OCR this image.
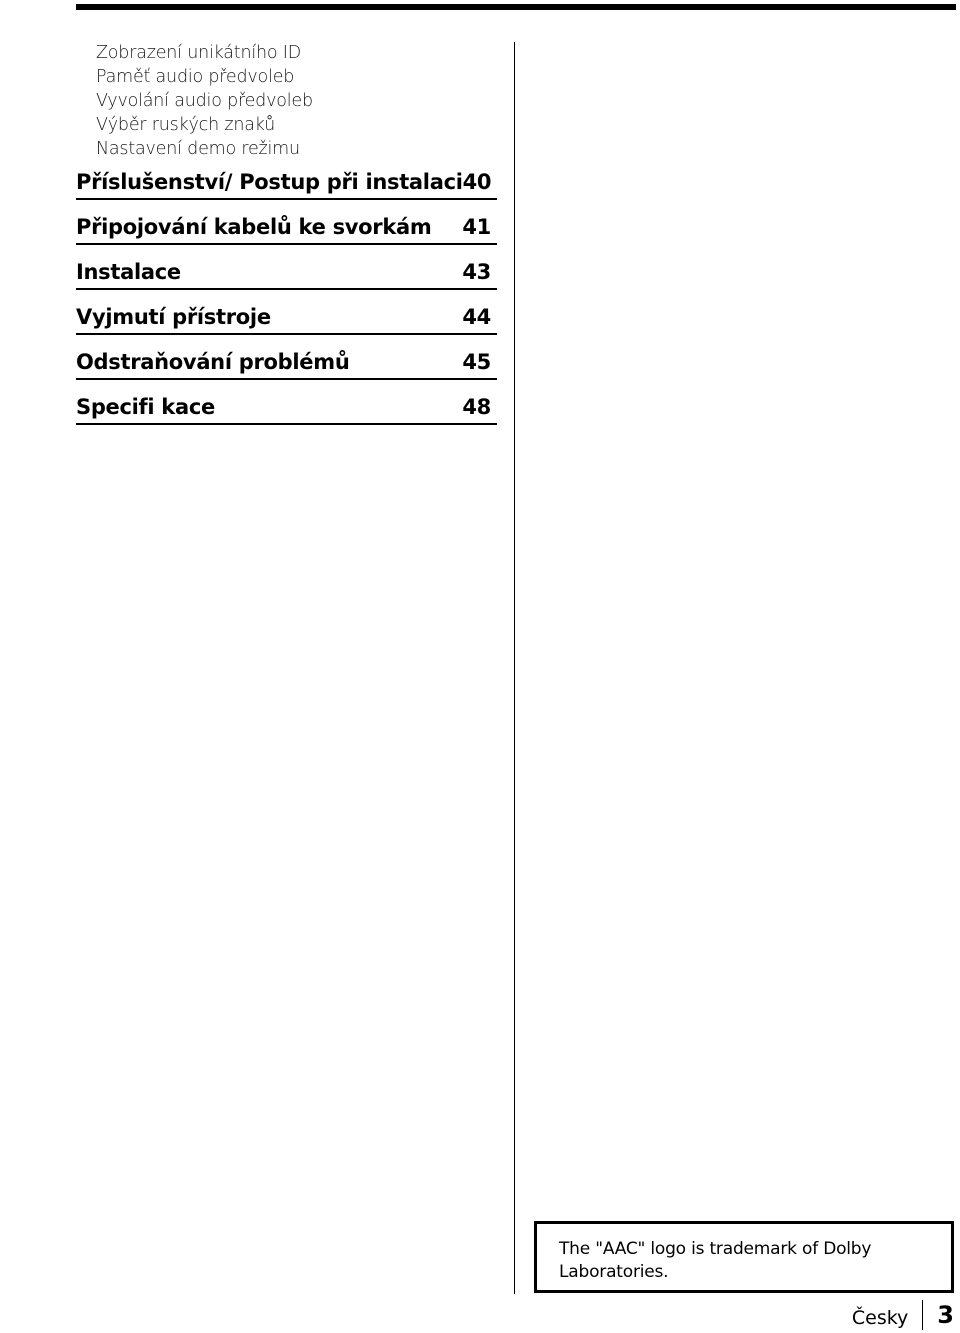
Zobrazení unikátního ID
Paměť audio předvoleb
Vyvolání audio předvoleb
Výběr ruských znaků
Nastavení demo režimu
Příslušenství/ Postup při instalaci 40
Připojování kabelů ke svorkám 41
Instalace	43
Vyjmutí přístroje	44
Odstraňování problémů	45
Specifi kace	48
The "AAC" logo is trademark of Dolby
Laboratories.
Česky	3
